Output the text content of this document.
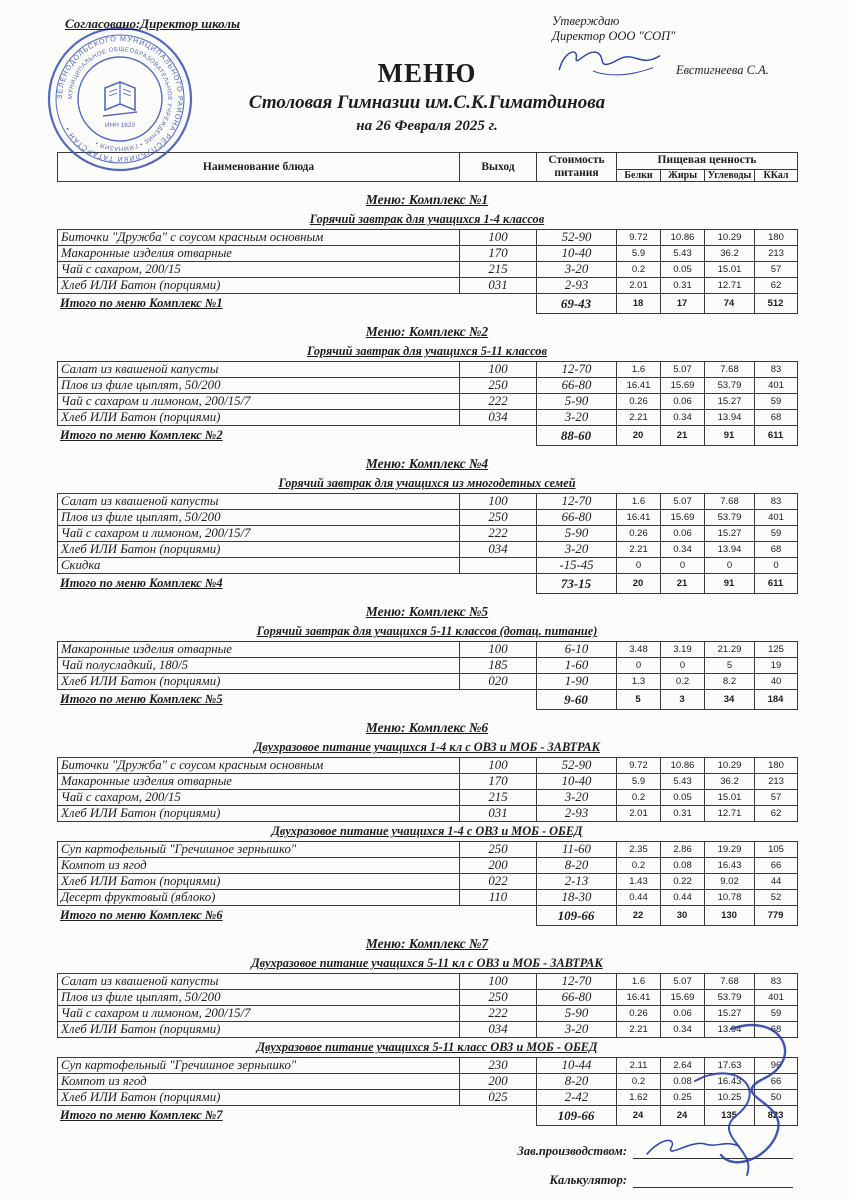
ЗЕЛЕНОДОЛЬСКОГО МУНИЦИПАЛЬНОГО РАЙОНА РЕСПУБЛИКИ ТАТАРСТАН •
МУНИЦИПАЛЬНОЕ ОБЩЕОБРАЗОВАТЕЛЬНОЕ УЧРЕЖДЕНИЕ • ГИМНАЗИЯ •
ИНН 1620
Согласовано:Директор школы	Утверждаю
Директор ООО "СОП"
Евстигнеева С.А.
МЕНЮ
Столовая Гимназии им.С.К.Гиматдинова
на 26 Февраля 2025 г.
Наименование блюда	Выход	Стоимость питания	Пищевая ценность			
			Белки	Жиры	Углеводы	ККал
Меню: Комплекс №1
Горячий завтрак для учащихся 1-4 классов
Биточки "Дружба" с соусом красным основным	100	52-90	9.72	10.86	10.29	180
Макаронные изделия отварные	170	10-40	5.9	5.43	36.2	213
Чай с сахаром, 200/15	215	3-20	0.2	0.05	15.01	57
Хлеб ИЛИ Батон (порциями)	031	2-93	2.01	0.31	12.71	62
Итого по меню Комплекс №1		69-43	18	17	74	512
Меню: Комплекс №2
Горячий завтрак для учащихся 5-11 классов
Салат из квашеной капусты	100	12-70	1.6	5.07	7.68	83
Плов из филе цыплят, 50/200	250	66-80	16.41	15.69	53.79	401
Чай с сахаром и лимоном, 200/15/7	222	5-90	0.26	0.06	15.27	59
Хлеб ИЛИ Батон (порциями)	034	3-20	2.21	0.34	13.94	68
Итого по меню Комплекс №2		88-60	20	21	91	611
Меню: Комплекс №4
Горячий завтрак для учащихся из многодетных семей
Салат из квашеной капусты	100	12-70	1.6	5.07	7.68	83
Плов из филе цыплят, 50/200	250	66-80	16.41	15.69	53.79	401
Чай с сахаром и лимоном, 200/15/7	222	5-90	0.26	0.06	15.27	59
Хлеб ИЛИ Батон (порциями)	034	3-20	2.21	0.34	13.94	68
Скидка		-15-45	0	0	0	0
Итого по меню Комплекс №4		73-15	20	21	91	611
Меню: Комплекс №5
Горячий завтрак для учащихся 5-11 классов (дотац. питание)
Макаронные изделия отварные	100	6-10	3.48	3.19	21.29	125
Чай полусладкий, 180/5	185	1-60	0	0	5	19
Хлеб ИЛИ Батон (порциями)	020	1-90	1.3	0.2	8.2	40
Итого по меню Комплекс №5		9-60	5	3	34	184
Меню: Комплекс №6
Двухразовое питание учащихся 1-4 кл с ОВЗ и МОБ - ЗАВТРАК
Биточки "Дружба" с соусом красным основным	100	52-90	9.72	10.86	10.29	180
Макаронные изделия отварные	170	10-40	5.9	5.43	36.2	213
Чай с сахаром, 200/15	215	3-20	0.2	0.05	15.01	57
Хлеб ИЛИ Батон (порциями)	031	2-93	2.01	0.31	12.71	62
Двухразовое питание учащихся 1-4 с ОВЗ и МОБ - ОБЕД
Суп картофельный "Гречишное зернышко"	250	11-60	2.35	2.86	19.29	105
Компот из ягод	200	8-20	0.2	0.08	16.43	66
Хлеб ИЛИ Батон (порциями)	022	2-13	1.43	0.22	9.02	44
Десерт фруктовый (яблоко)	110	18-30	0.44	0.44	10.78	52
Итого по меню Комплекс №6		109-66	22	30	130	779
Меню: Комплекс №7
Двухразовое питание учащихся 5-11 кл с ОВЗ и МОБ - ЗАВТРАК
Салат из квашеной капусты	100	12-70	1.6	5.07	7.68	83
Плов из филе цыплят, 50/200	250	66-80	16.41	15.69	53.79	401
Чай с сахаром и лимоном, 200/15/7	222	5-90	0.26	0.06	15.27	59
Хлеб ИЛИ Батон (порциями)	034	3-20	2.21	0.34	13.94	68
Двухразовое питание учащихся 5-11 класс ОВЗ и МОБ - ОБЕД
Суп картофельный "Гречишное зернышко"	230	10-44	2.11	2.64	17.63	96
Компот из ягод	200	8-20	0.2	0.08	16.43	66
Хлеб ИЛИ Батон (порциями)	025	2-42	1.62	0.25	10.25	50
Итого по меню Комплекс №7		109-66	24	24	135	823
Зав.производством:
Калькулятор:
